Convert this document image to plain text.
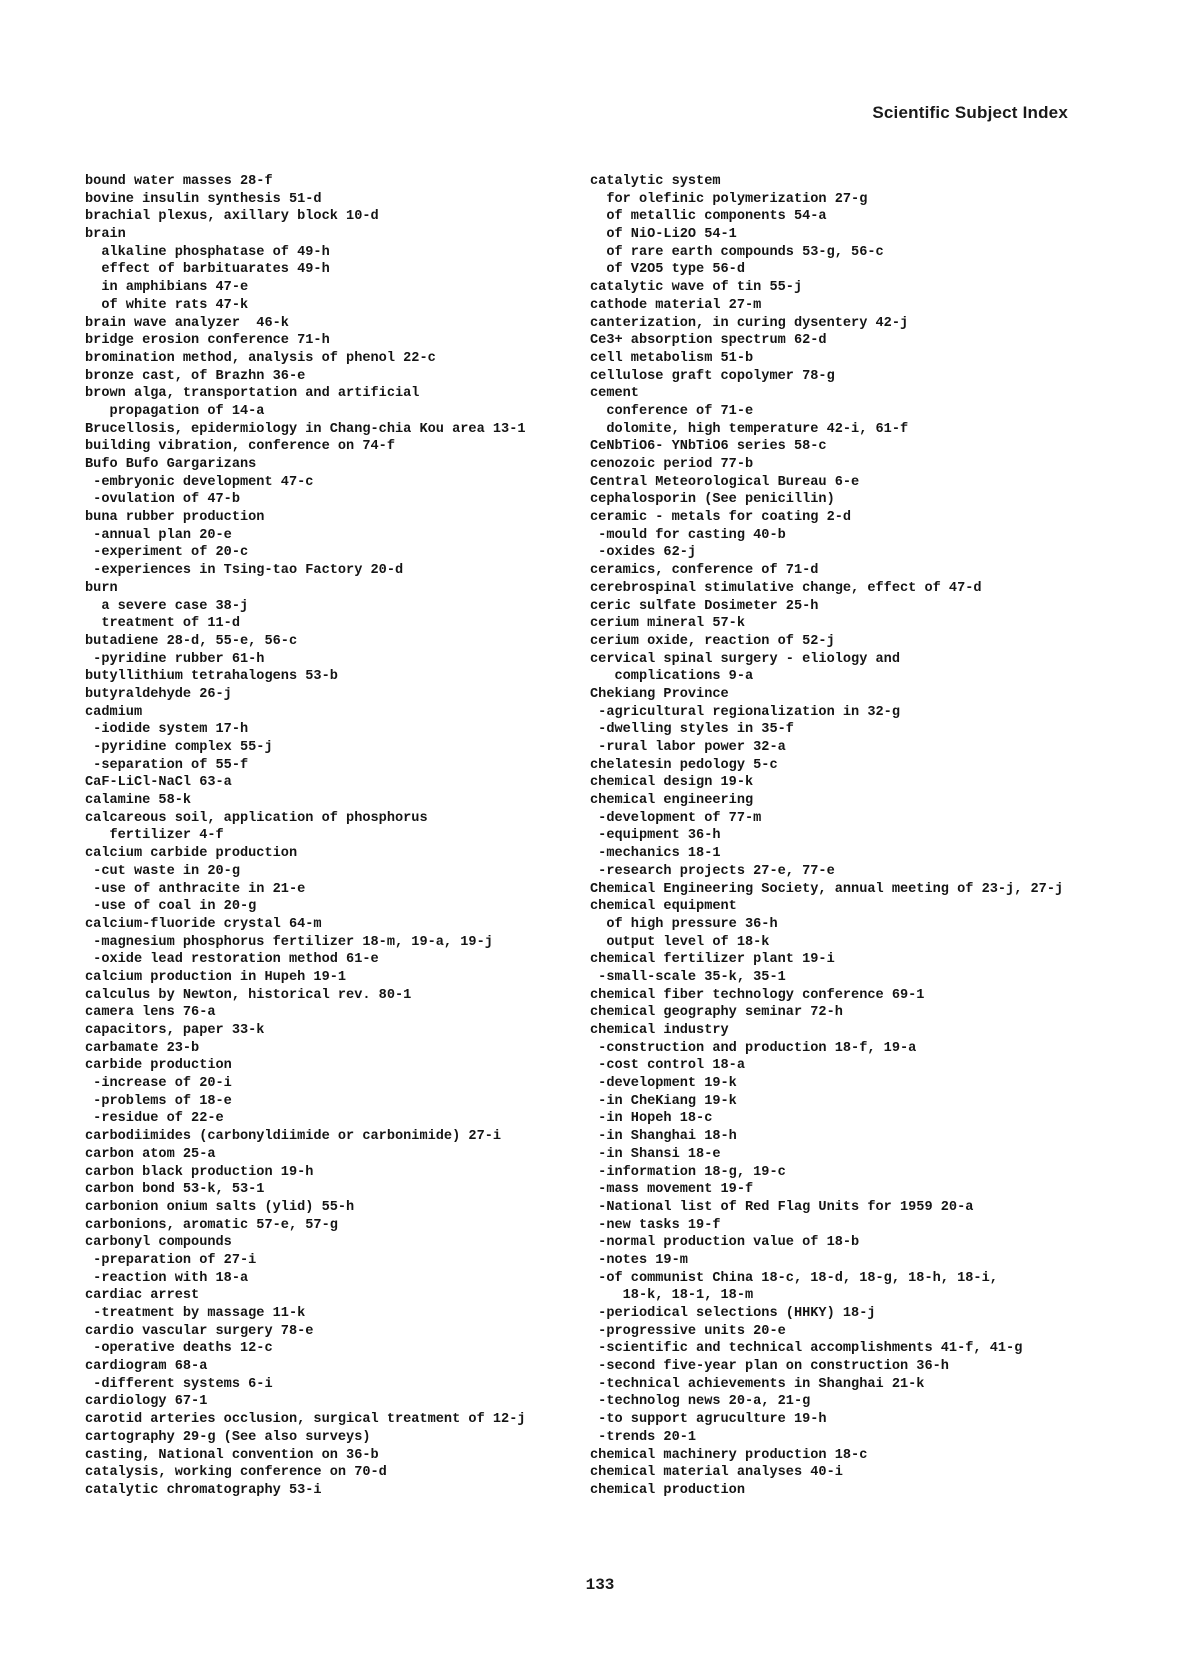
Scientific Subject Index
bound water masses 28-f
bovine insulin synthesis 51-d
brachial plexus, axillary block 10-d
brain
alkaline phosphatase of 49-h
effect of barbituarates 49-h
in amphibians 47-e
of white rats 47-k
brain wave analyzer  46-k
bridge erosion conference 71-h
bromination method, analysis of phenol 22-c
bronze cast, of Brazhn 36-e
brown alga, transportation and artificial
propagation of 14-a
Brucellosis, epidermiology in Chang-chia Kou area 13-1
building vibration, conference on 74-f
Bufo Bufo Gargarizans
-embryonic development 47-c
-ovulation of 47-b
buna rubber production
-annual plan 20-e
-experiment of 20-c
-experiences in Tsing-tao Factory 20-d
burn
a severe case 38-j
treatment of 11-d
butadiene 28-d, 55-e, 56-c
-pyridine rubber 61-h
butyllithium tetrahalogens 53-b
butyraldehyde 26-j
cadmium
-iodide system 17-h
-pyridine complex 55-j
-separation of 55-f
CaF-LiCl-NaCl 63-a
calamine 58-k
calcareous soil, application of phosphorus
fertilizer 4-f
calcium carbide production
-cut waste in 20-g
-use of anthracite in 21-e
-use of coal in 20-g
calcium-fluoride crystal 64-m
-magnesium phosphorus fertilizer 18-m, 19-a, 19-j
-oxide lead restoration method 61-e
calcium production in Hupeh 19-1
calculus by Newton, historical rev. 80-1
camera lens 76-a
capacitors, paper 33-k
carbamate 23-b
carbide production
-increase of 20-i
-problems of 18-e
-residue of 22-e
carbodiimides (carbonyldiimide or carbonimide) 27-i
carbon atom 25-a
carbon black production 19-h
carbon bond 53-k, 53-1
carbonion onium salts (ylid) 55-h
carbonions, aromatic 57-e, 57-g
carbonyl compounds
-preparation of 27-i
-reaction with 18-a
cardiac arrest
-treatment by massage 11-k
cardio vascular surgery 78-e
-operative deaths 12-c
cardiogram 68-a
-different systems 6-i
cardiology 67-1
carotid arteries occlusion, surgical treatment of 12-j
cartography 29-g (See also surveys)
casting, National convention on 36-b
catalysis, working conference on 70-d
catalytic chromatography 53-i
catalytic system
for olefinic polymerization 27-g
of metallic components 54-a
of NiO-Li2O 54-1
of rare earth compounds 53-g, 56-c
of V2O5 type 56-d
catalytic wave of tin 55-j
cathode material 27-m
canterization, in curing dysentery 42-j
Ce3+ absorption spectrum 62-d
cell metabolism 51-b
cellulose graft copolymer 78-g
cement
conference of 71-e
dolomite, high temperature 42-i, 61-f
CeNbTiO6- YNbTiO6 series 58-c
cenozoic period 77-b
Central Meteorological Bureau 6-e
cephalosporin (See penicillin)
ceramic - metals for coating 2-d
-mould for casting 40-b
-oxides 62-j
ceramics, conference of 71-d
cerebrospinal stimulative change, effect of 47-d
ceric sulfate Dosimeter 25-h
cerium mineral 57-k
cerium oxide, reaction of 52-j
cervical spinal surgery - eliology and
complications 9-a
Chekiang Province
-agricultural regionalization in 32-g
-dwelling styles in 35-f
-rural labor power 32-a
chelatesin pedology 5-c
chemical design 19-k
chemical engineering
-development of 77-m
-equipment 36-h
-mechanics 18-1
-research projects 27-e, 77-e
Chemical Engineering Society, annual meeting of 23-j, 27-j
chemical equipment
of high pressure 36-h
output level of 18-k
chemical fertilizer plant 19-i
-small-scale 35-k, 35-1
chemical fiber technology conference 69-1
chemical geography seminar 72-h
chemical industry
-construction and production 18-f, 19-a
-cost control 18-a
-development 19-k
-in CheKiang 19-k
-in Hopeh 18-c
-in Shanghai 18-h
-in Shansi 18-e
-information 18-g, 19-c
-mass movement 19-f
-National list of Red Flag Units for 1959 20-a
-new tasks 19-f
-normal production value of 18-b
-notes 19-m
-of communist China 18-c, 18-d, 18-g, 18-h, 18-i,
18-k, 18-1, 18-m
-periodical selections (HHKY) 18-j
-progressive units 20-e
-scientific and technical accomplishments 41-f, 41-g
-second five-year plan on construction 36-h
-technical achievements in Shanghai 21-k
-technolog news 20-a, 21-g
-to support agruculture 19-h
-trends 20-1
chemical machinery production 18-c
chemical material analyses 40-i
chemical production
133
